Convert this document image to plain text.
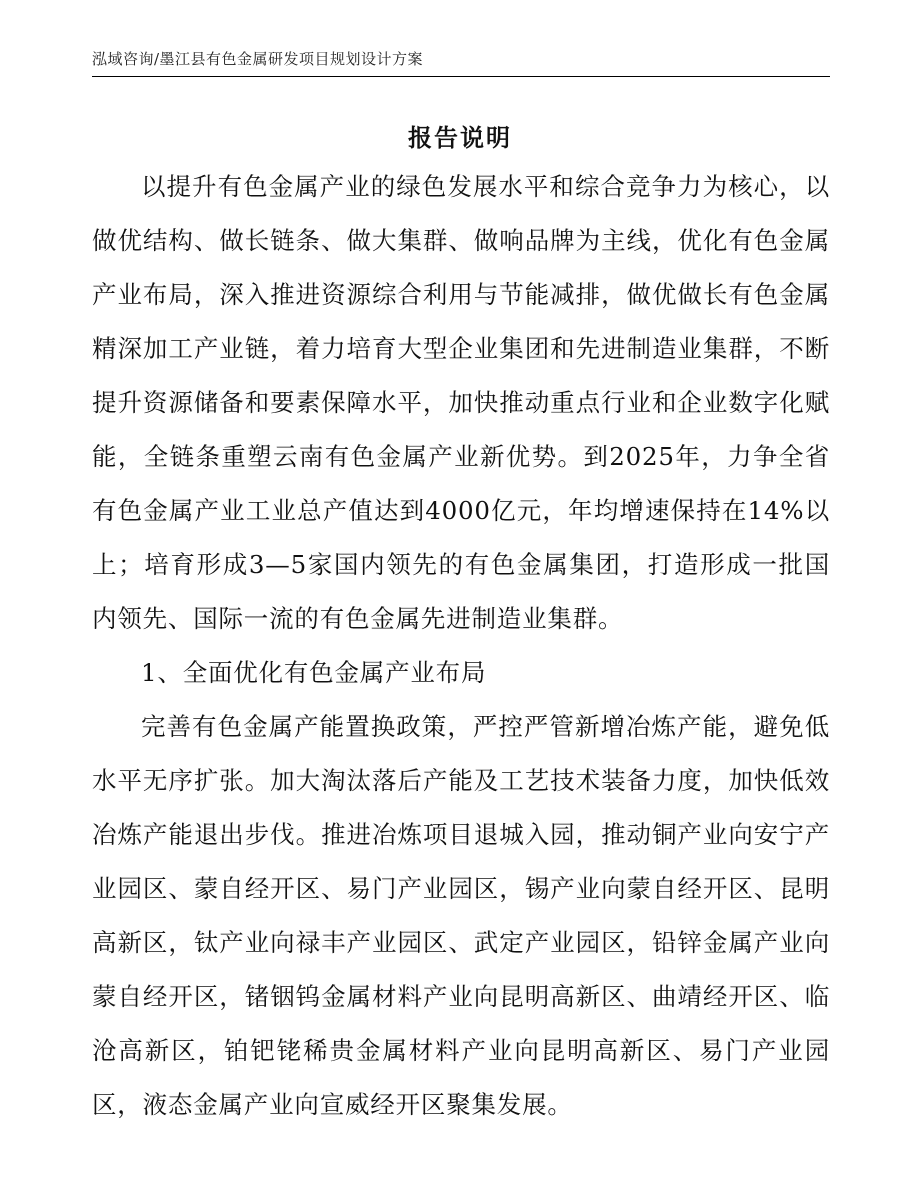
泓域咨询/墨江县有色金属研发项目规划设计方案
报告说明

以提升有色金属产业的绿色发展水平和综合竞争力为核心，以做优结构、做长链条、做大集群、做响品牌为主线，优化有色金属产业布局，深入推进资源综合利用与节能减排，做优做长有色金属精深加工产业链，着力培育大型企业集团和先进制造业集群，不断提升资源储备和要素保障水平，加快推动重点行业和企业数字化赋能，全链条重塑云南有色金属产业新优势。到2025年，力争全省有色金属产业工业总产值达到4000亿元，年均增速保持在14%以上；培育形成3—5家国内领先的有色金属集团，打造形成一批国内领先、国际一流的有色金属先进制造业集群。

1、全面优化有色金属产业布局

完善有色金属产能置换政策，严控严管新增冶炼产能，避免低水平无序扩张。加大淘汰落后产能及工艺技术装备力度，加快低效冶炼产能退出步伐。推进冶炼项目退城入园，推动铜产业向安宁产业园区、蒙自经开区、易门产业园区，锡产业向蒙自经开区、昆明高新区，钛产业向禄丰产业园区、武定产业园区，铅锌金属产业向蒙自经开区，锗铟钨金属材料产业向昆明高新区、曲靖经开区、临沧高新区，铂钯铑稀贵金属材料产业向昆明高新区、易门产业园区，液态金属产业向宣威经开区聚集发展。
